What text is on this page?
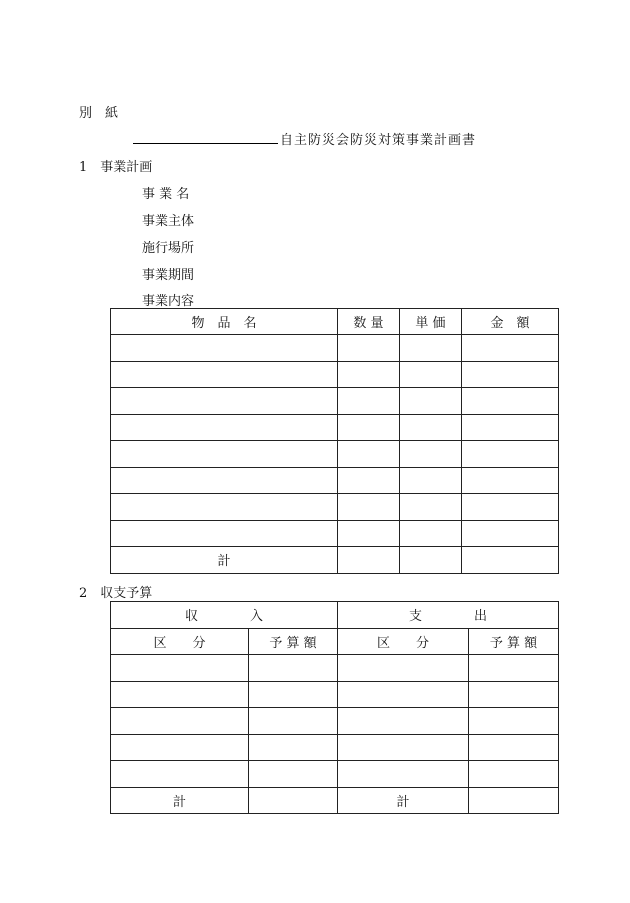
別　紙
自主防災会防災対策事業計画書
1　事業計画
事 業 名
事業主体
施行場所
事業期間
事業内容
物　品　名	数 量	単 価	金　額

計			
2　収支予算
収　　　　入		支　　　　出	
区　　分	予 算 額	区　　分	予 算 額

計		計	
